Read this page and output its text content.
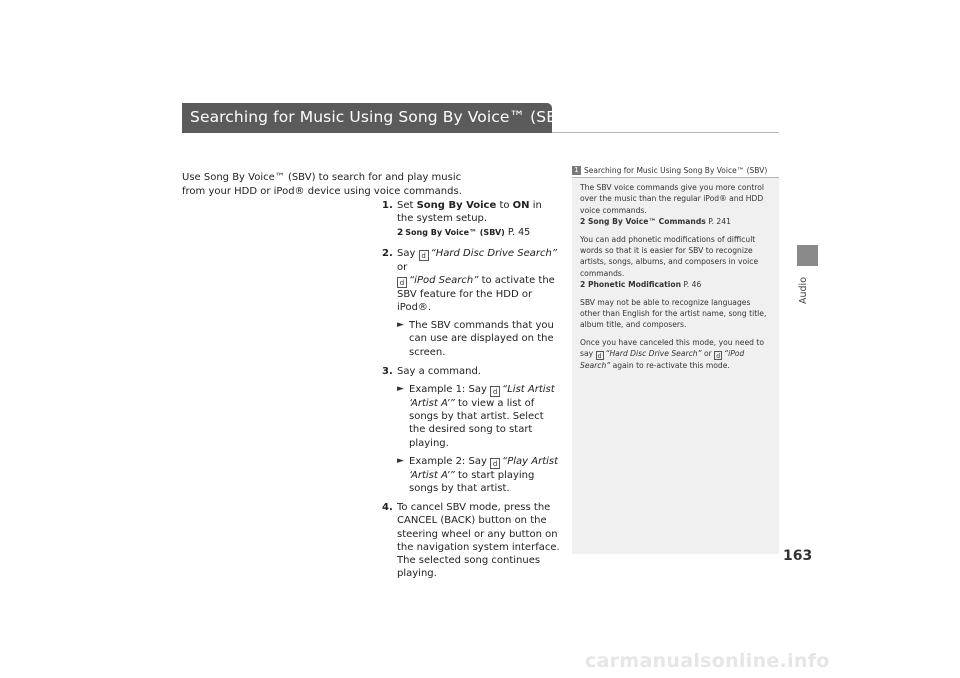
Searching for Music Using Song By Voice™ (SBV)
Audio
163
Use Song By Voice™ (SBV) to search for and play music from your HDD or iPod® device using voice commands.
1. Set Song By Voice to ON in the system setup.
2 Song By Voice™ (SBV) P. 45
2. Say d “Hard Disc Drive Search” or
d “iPod Search” to activate the SBV feature for the HDD or iPod®.
► The SBV commands that you can use are displayed on the screen.
3. Say a command.
► Example 1: Say d “List Artist ‘Artist A’” to view a list of songs by that artist. Select the desired song to start playing.
► Example 2: Say d “Play Artist ‘Artist A’” to start playing songs by that artist.
4. To cancel SBV mode, press the CANCEL (BACK) button on the steering wheel or any button on the navigation system interface. The selected song continues playing.
1 Searching for Music Using Song By Voice™ (SBV)

The SBV voice commands give you more control over the music than the regular iPod® and HDD voice commands.
2 Song By Voice™ Commands P. 241

You can add phonetic modifications of difficult words so that it is easier for SBV to recognize artists, songs, albums, and composers in voice commands.
2 Phonetic Modification P. 46

SBV may not be able to recognize languages other than English for the artist name, song title, album title, and composers.

Once you have canceled this mode, you need to say d “Hard Disc Drive Search” or d “iPod Search” again to re-activate this mode.

carmanualsonline.info
